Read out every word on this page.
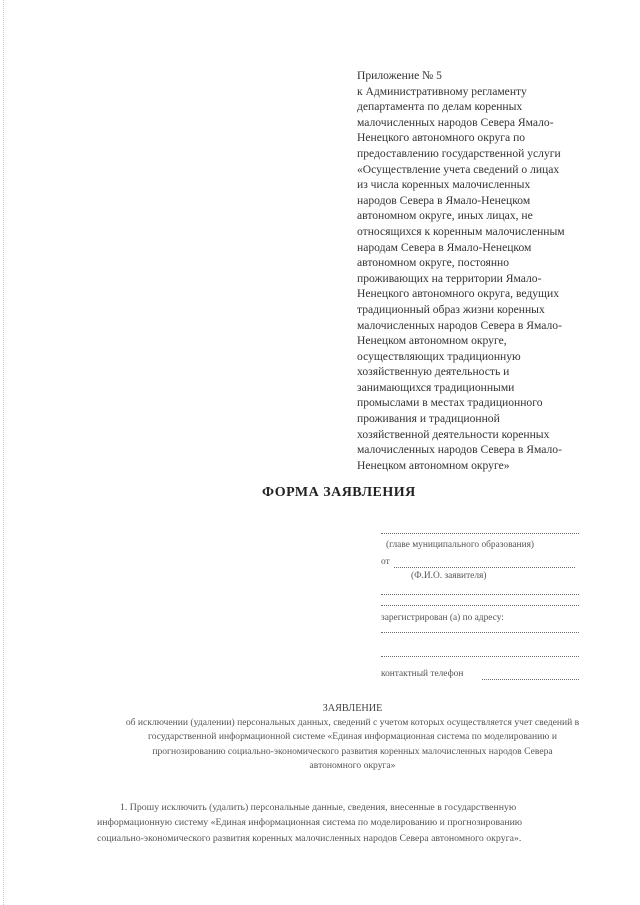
Приложение № 5
к Административному регламенту
департамента по делам коренных
малочисленных народов Севера Ямало-
Ненецкого автономного округа по
предоставлению государственной услуги
«Осуществление учета сведений о лицах
из числа коренных малочисленных
народов Севера в Ямало-Ненецком
автономном округе, иных лицах, не
относящихся к коренным малочисленным
народам Севера в Ямало-Ненецком
автономном округе, постоянно
проживающих на территории Ямало-
Ненецкого автономного округа, ведущих
традиционный образ жизни коренных
малочисленных народов Севера в Ямало-
Ненецком автономном округе,
осуществляющих традиционную
хозяйственную деятельность и
занимающихся традиционными
промыслами в местах традиционного
проживания и традиционной
хозяйственной деятельности коренных
малочисленных народов Севера в Ямало-
Ненецком автономном округе»
ФОРМА ЗАЯВЛЕНИЯ
(главе муниципального образования)
от
(Ф.И.О. заявителя)
зарегистрирован (а) по адресу:
контактный телефон
ЗАЯВЛЕНИЕ
об исключении (удалении) персональных данных, сведений с учетом которых осуществляется учет сведений в
государственной информационной системе «Единая информационная система по моделированию и
прогнозированию социально-экономического развития коренных малочисленных народов Севера
автономного округа»
1. Прошу исключить (удалить) персональные данные, сведения, внесенные в государственную
информационную систему «Единая информационная система по моделированию и прогнозированию
социально-экономического развития коренных малочисленных народов Севера автономного округа».
